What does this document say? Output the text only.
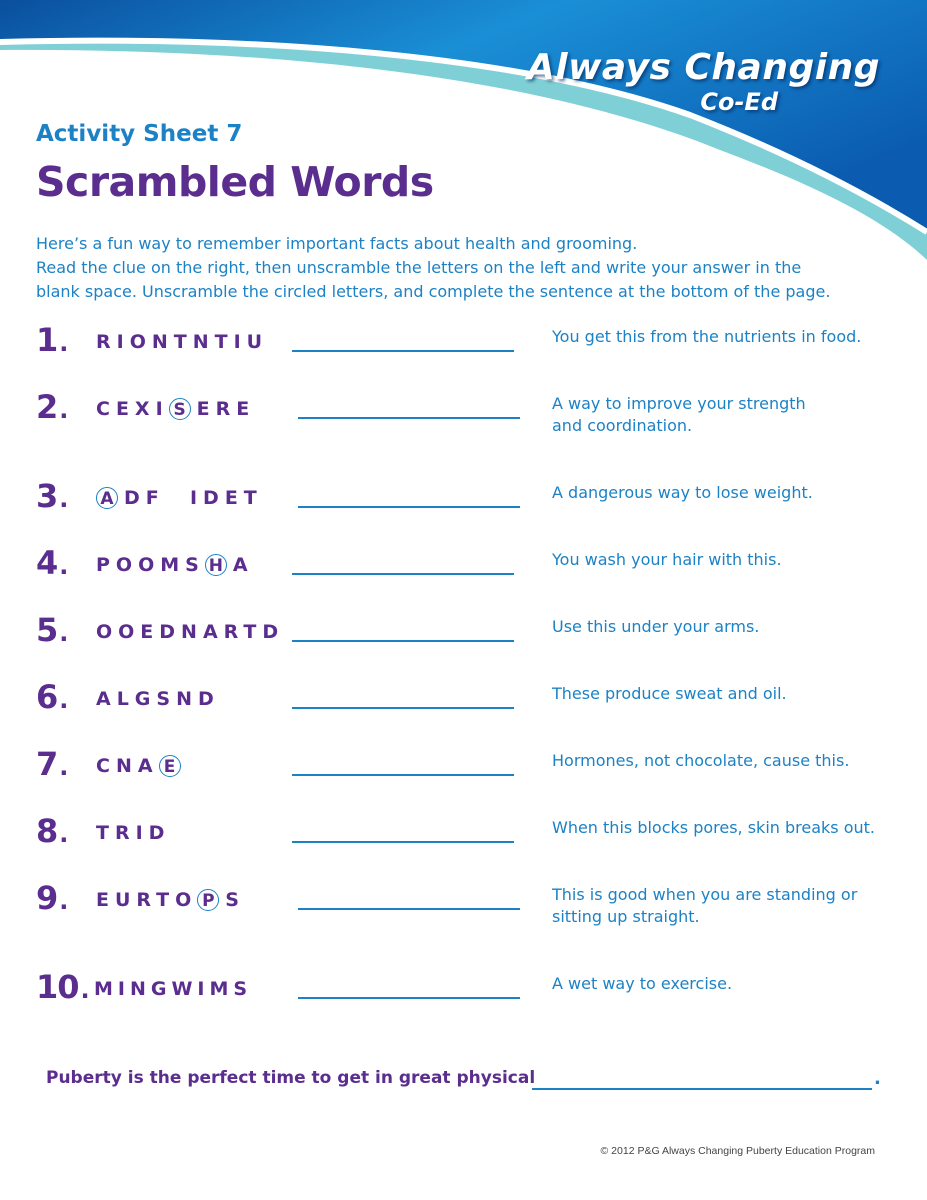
Always Changing
Co-Ed
Activity Sheet 7
Scrambled Words
Here’s a fun way to remember important facts about health and grooming.
Read the clue on the right, then unscramble the letters on the left and write your answer in the
blank space. Unscramble the circled letters, and complete the sentence at the bottom of the page.
1. RIONTNTIU	You get this from the nutrients in food.
2. CEXI S ERE	A way to improve your strength
and coordination.
3. A DF  IDET	A dangerous way to lose weight.
4. POOMS H A	You wash your hair with this.
5. OOEDNARTD	Use this under your arms.
6. ALGSND	These produce sweat and oil.
7. CNA E	Hormones, not chocolate, cause this.
8. TRID	When this blocks pores, skin breaks out.
9. EURTO P S	This is good when you are standing or
sitting up straight.
10. MINGWIMS	A wet way to exercise.
Puberty is the perfect time to get in great physical	.
© 2012 P&G Always Changing Puberty Education Program
